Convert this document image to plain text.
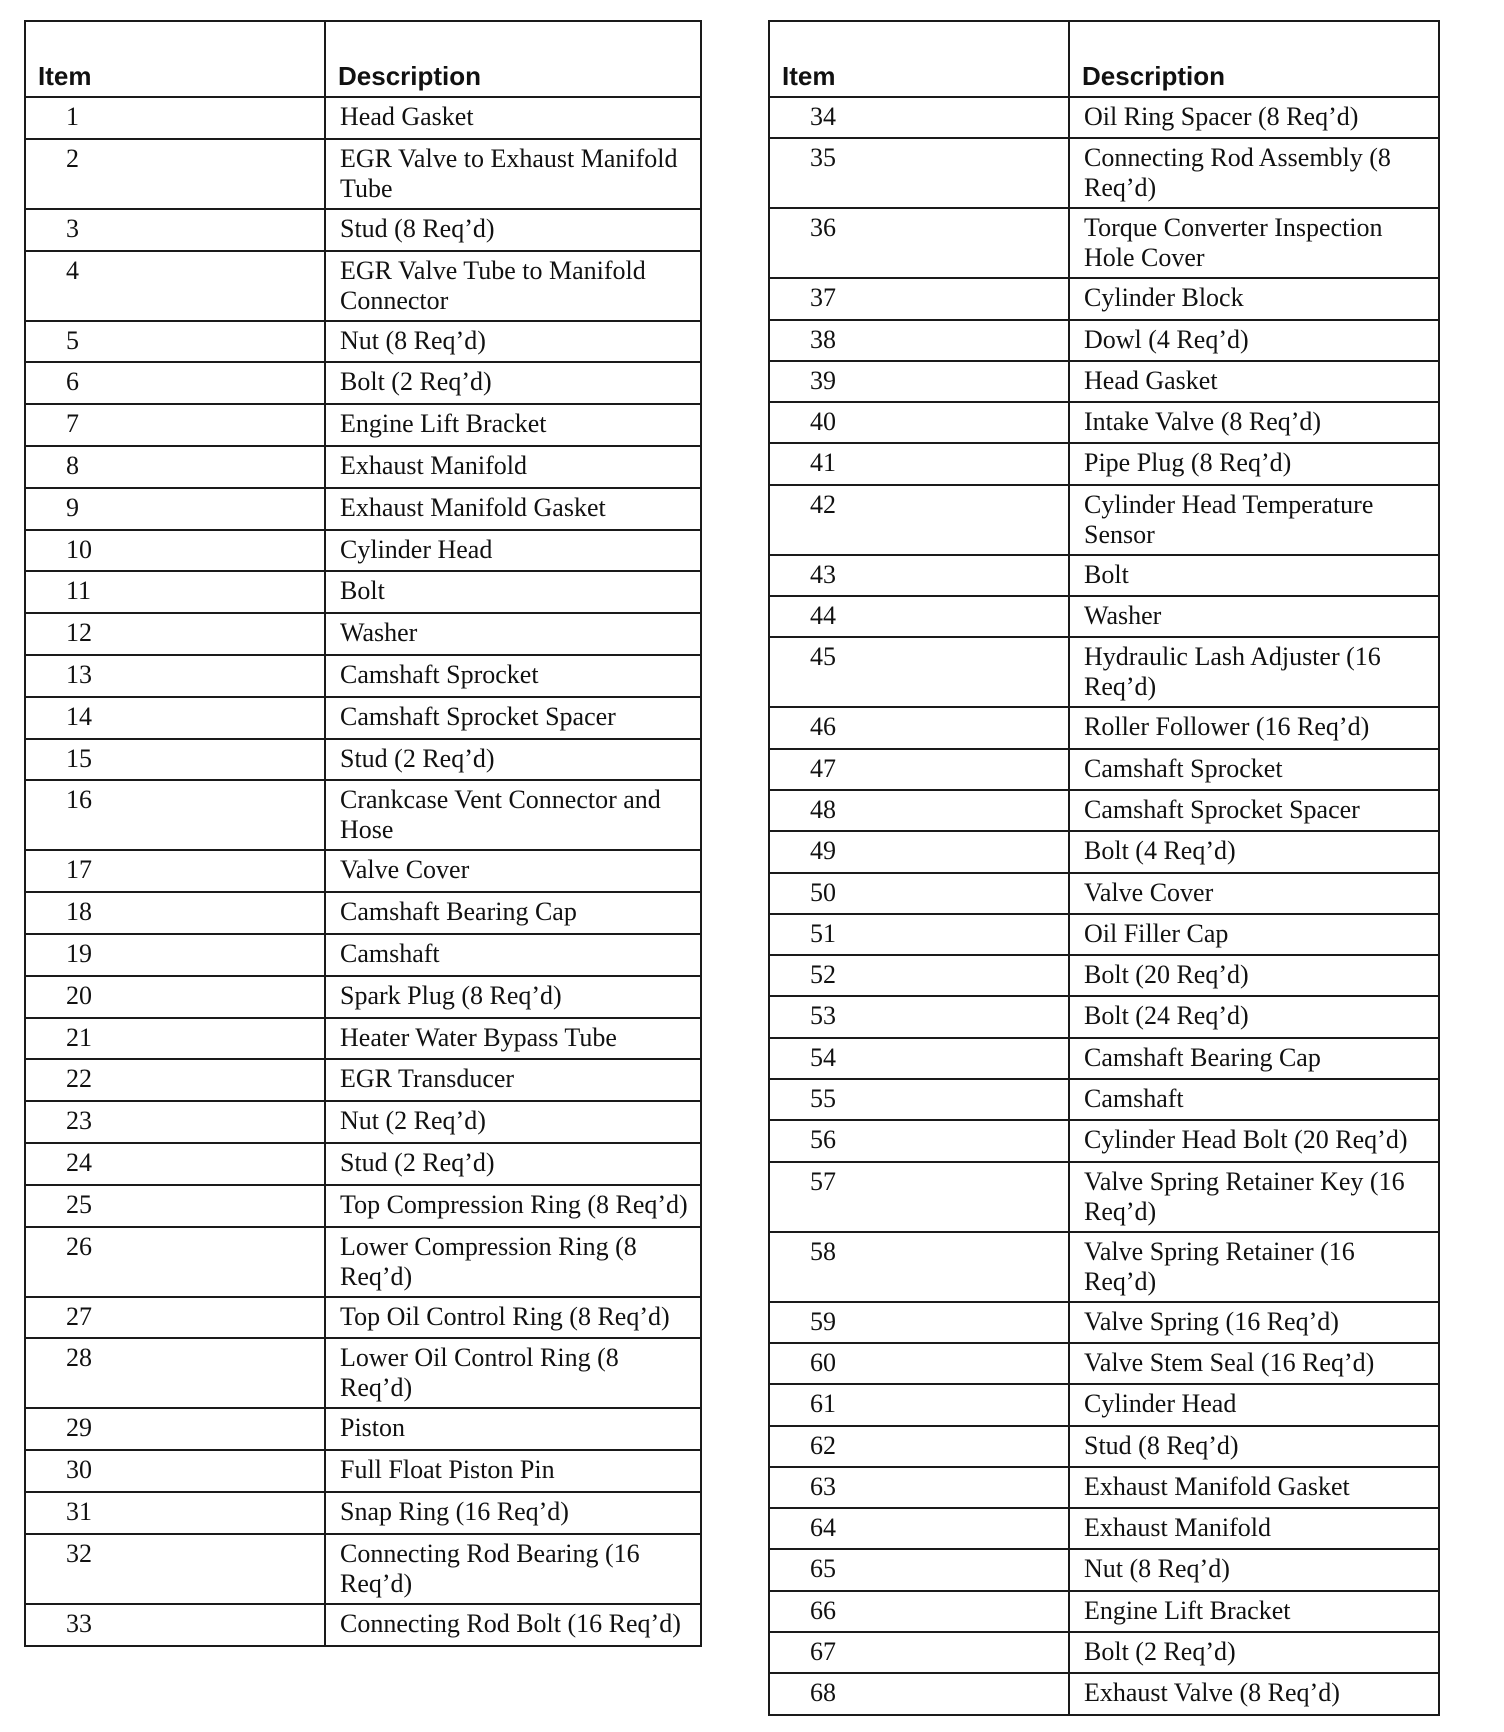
Item	Description
1	Head Gasket
2	EGR Valve to Exhaust Manifold Tube
3	Stud (8 Req’d)
4	EGR Valve Tube to Manifold Connector
5	Nut (8 Req’d)
6	Bolt (2 Req’d)
7	Engine Lift Bracket
8	Exhaust Manifold
9	Exhaust Manifold Gasket
10	Cylinder Head
11	Bolt
12	Washer
13	Camshaft Sprocket
14	Camshaft Sprocket Spacer
15	Stud (2 Req’d)
16	Crankcase Vent Connector and Hose
17	Valve Cover
18	Camshaft Bearing Cap
19	Camshaft
20	Spark Plug (8 Req’d)
21	Heater Water Bypass Tube
22	EGR Transducer
23	Nut (2 Req’d)
24	Stud (2 Req’d)
25	Top Compression Ring (8 Req’d)
26	Lower Compression Ring (8 Req’d)
27	Top Oil Control Ring (8 Req’d)
28	Lower Oil Control Ring (8 Req’d)
29	Piston
30	Full Float Piston Pin
31	Snap Ring (16 Req’d)
32	Connecting Rod Bearing (16 Req’d)
33	Connecting Rod Bolt (16 Req’d)
Item	Description
34	Oil Ring Spacer (8 Req’d)
35	Connecting Rod Assembly (8 Req’d)
36	Torque Converter Inspection Hole Cover
37	Cylinder Block
38	Dowl (4 Req’d)
39	Head Gasket
40	Intake Valve (8 Req’d)
41	Pipe Plug (8 Req’d)
42	Cylinder Head Temperature Sensor
43	Bolt
44	Washer
45	Hydraulic Lash Adjuster (16 Req’d)
46	Roller Follower (16 Req’d)
47	Camshaft Sprocket
48	Camshaft Sprocket Spacer
49	Bolt (4 Req’d)
50	Valve Cover
51	Oil Filler Cap
52	Bolt (20 Req’d)
53	Bolt (24 Req’d)
54	Camshaft Bearing Cap
55	Camshaft
56	Cylinder Head Bolt (20 Req’d)
57	Valve Spring Retainer Key (16 Req’d)
58	Valve Spring Retainer (16 Req’d)
59	Valve Spring (16 Req’d)
60	Valve Stem Seal (16 Req’d)
61	Cylinder Head
62	Stud (8 Req’d)
63	Exhaust Manifold Gasket
64	Exhaust Manifold
65	Nut (8 Req’d)
66	Engine Lift Bracket
67	Bolt (2 Req’d)
68	Exhaust Valve (8 Req’d)
